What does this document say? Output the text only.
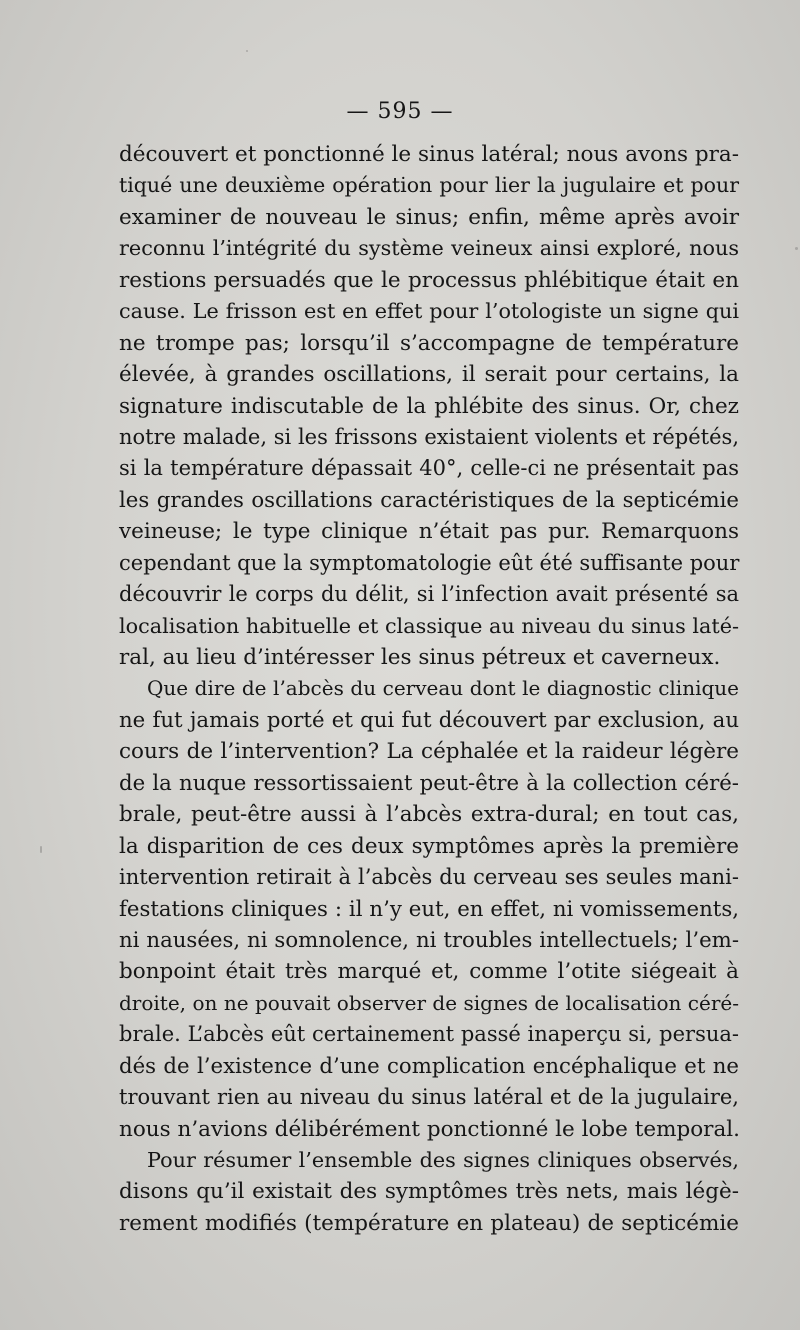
— 595 —
découvert et ponctionné le sinus latéral; nous avons pra-
tiqué une deuxième opération pour lier la jugulaire et pour
examiner de nouveau le sinus; enfin, même après avoir
reconnu l’intégrité du système veineux ainsi exploré, nous
restions persuadés que le processus phlébitique était en
cause. Le frisson est en effet pour l’otologiste un signe qui
ne trompe pas; lorsqu’il s’accompagne de température
élevée, à grandes oscillations, il serait pour certains, la
signature indiscutable de la phlébite des sinus. Or, chez
notre malade, si les frissons existaient violents et répétés,
si la température dépassait 40°, celle-ci ne présentait pas
les grandes oscillations caractéristiques de la septicémie
veineuse; le type clinique n’était pas pur. Remarquons
cependant que la symptomatologie eût été suffisante pour
découvrir le corps du délit, si l’infection avait présenté sa
localisation habituelle et classique au niveau du sinus laté-
ral, au lieu d’intéresser les sinus pétreux et caverneux.
Que dire de l’abcès du cerveau dont le diagnostic clinique
ne fut jamais porté et qui fut découvert par exclusion, au
cours de l’intervention? La céphalée et la raideur légère
de la nuque ressortissaient peut-être à la collection céré-
brale, peut-être aussi à l’abcès extra-dural; en tout cas,
la disparition de ces deux symptômes après la première
intervention retirait à l’abcès du cerveau ses seules mani-
festations cliniques : il n’y eut, en effet, ni vomissements,
ni nausées, ni somnolence, ni troubles intellectuels; l’em-
bonpoint était très marqué et, comme l’otite siégeait à
droite, on ne pouvait observer de signes de localisation céré-
brale. L’abcès eût certainement passé inaperçu si, persua-
dés de l’existence d’une complication encéphalique et ne
trouvant rien au niveau du sinus latéral et de la jugulaire,
nous n’avions délibérément ponctionné le lobe temporal.
Pour résumer l’ensemble des signes cliniques observés,
disons qu’il existait des symptômes très nets, mais légè-
rement modifiés (température en plateau) de septicémie
